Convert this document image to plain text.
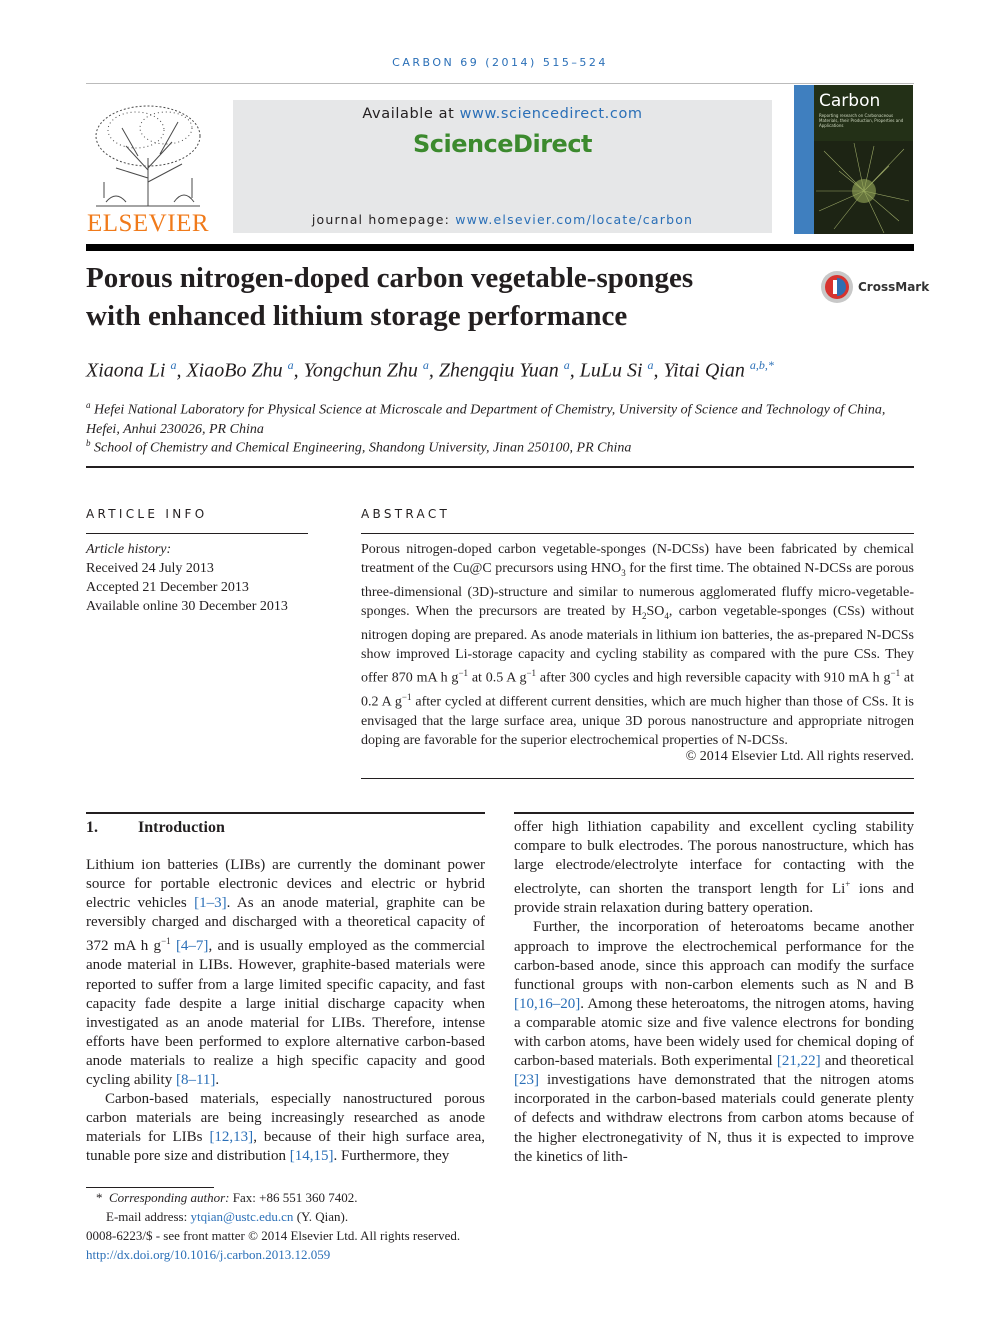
CARBON 69 (2014) 515–524
ELSEVIER
Available at www.sciencedirect.com
ScienceDirect
journal homepage: www.elsevier.com/locate/carbon
Carbon
Reporting research on Carbonaceous Materials, their Production, Properties and Applications
Porous nitrogen-doped carbon vegetable-sponges
with enhanced lithium storage performance
CrossMark
Xiaona Li $^a$, XiaoBo Zhu $^a$, Yongchun Zhu $^a$, Zhengqiu Yuan $^a$, LuLu Si $^a$, Yitai Qian $^{a,b,*}$
$^a$ Hefei National Laboratory for Physical Science at Microscale and Department of Chemistry, University of Science and Technology of China,
Hefei, Anhui 230026, PR China
$^b$ School of Chemistry and Chemical Engineering, Shandong University, Jinan 250100, PR China
ARTICLE INFO
Article history:
Received 24 July 2013
Accepted 21 December 2013
Available online 30 December 2013
ABSTRACT
Porous nitrogen-doped carbon vegetable-sponges (N-DCSs) have been fabricated by chemical treatment of the Cu@C precursors using $HNO_3$ for the first time. The obtained N-DCSs are porous three-dimensional (3D)-structure and similar to numerous agglomerated fluffy micro-vegetable-sponges. When the precursors are treated by $H_2SO_4$, carbon vegetable-sponges (CSs) without nitrogen doping are prepared. As anode materials in lithium ion batteries, the as-prepared N-DCSs show improved Li-storage capacity and cycling stability as compared with the pure CSs. They offer 870 mA h $g^{-1}$ at 0.5 A $g^{-1}$ after 300 cycles and high reversible capacity with 910 mA h $g^{-1}$ at 0.2 A $g^{-1}$ after cycled at different current densities, which are much higher than those of CSs. It is envisaged that the large surface area, unique 3D porous nanostructure and appropriate nitrogen doping are favorable for the superior electrochemical properties of N-DCSs.
© 2014 Elsevier Ltd. All rights reserved.
1.	Introduction

Lithium ion batteries (LIBs) are currently the dominant power source for portable electronic devices and electric or hybrid electric vehicles [1–3]. As an anode material, graphite can be reversibly charged and discharged with a theoretical capacity of 372 mA h $g^{-1}$ [4–7], and is usually employed as the commercial anode material in LIBs. However, graphite-based materials were reported to suffer from a large limited specific capacity, and fast capacity fade despite a large initial discharge capacity when investigated as an anode material for LIBs. Therefore, intense efforts have been performed to explore alternative carbon-based anode materials to realize a high specific capacity and good cycling ability [8–11].

Carbon-based materials, especially nanostructured porous carbon materials are being increasingly researched as anode materials for LIBs [12,13], because of their high surface area, tunable pore size and distribution [14,15]. Furthermore, they

offer high lithiation capability and excellent cycling stability compare to bulk electrodes. The porous nanostructure, which has large electrode/electrolyte interface for contacting with the electrolyte, can shorten the transport length for Li+ ions and provide strain relaxation during battery operation.

Further, the incorporation of heteroatoms became another approach to improve the electrochemical performance for the carbon-based anode, since this approach can modify the surface functional groups with non-carbon elements such as N and B [10,16–20]. Among these heteroatoms, the nitrogen atoms, having a comparable atomic size and five valence electrons for bonding with carbon atoms, have been widely used for chemical doping of carbon-based materials. Both experimental [21,22] and theoretical [23] investigations have demonstrated that the nitrogen atoms incorporated in the carbon-based materials could generate plenty of defects and withdraw electrons from carbon atoms because of the higher electronegativity of N, thus it is expected to improve the kinetics of lith-

* Corresponding author: Fax: +86 551 360 7402.
E-mail address: ytqian@ustc.edu.cn (Y. Qian).
0008-6223/$ - see front matter © 2014 Elsevier Ltd. All rights reserved.
http://dx.doi.org/10.1016/j.carbon.2013.12.059
